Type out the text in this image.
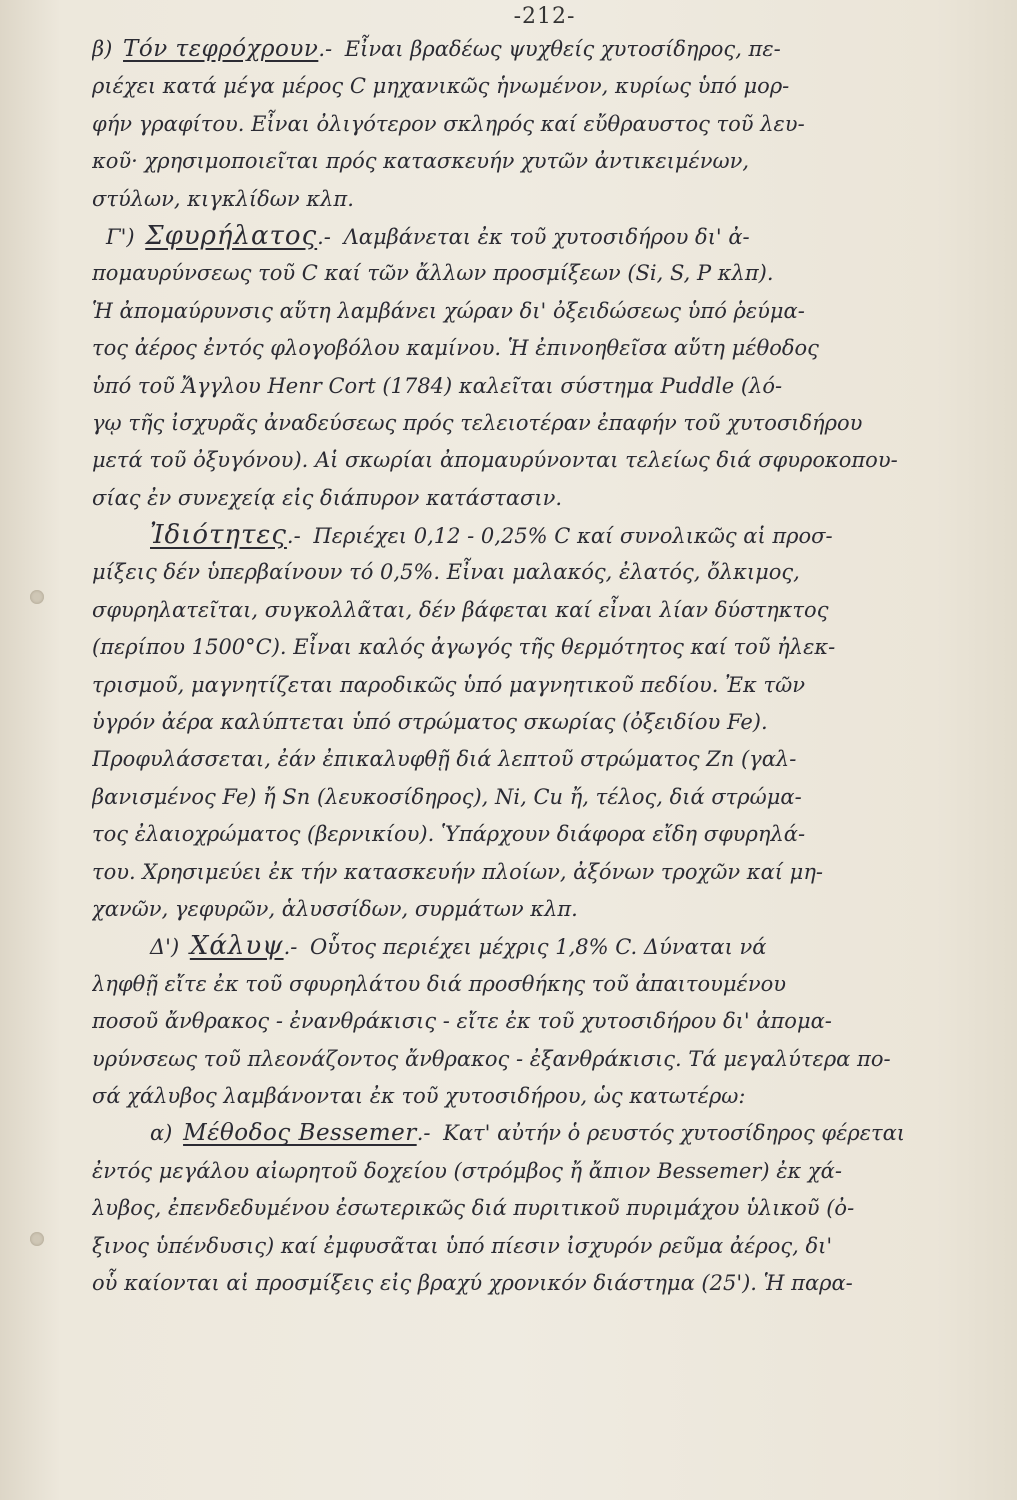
-212-
β) Τόν τεφρόχρουν.- Εἶναι βραδέως ψυχθείς χυτοσίδηρος, πε-
ριέχει κατά μέγα μέρος C μηχανικῶς ἡνωμένον, κυρίως ὑπό μορ-
φήν γραφίτου. Εἶναι ὀλιγότερον σκληρός καί εὔθραυστος τοῦ λευ-
κοῦ· χρησιμοποιεῖται πρός κατασκευήν χυτῶν ἀντικειμένων,
στύλων, κιγκλίδων κλπ.
Γ') Σφυρήλατος.- Λαμβάνεται ἐκ τοῦ χυτοσιδήρου δι' ἀ-
πομαυρύνσεως τοῦ C καί τῶν ἄλλων προσμίξεων (Si, S, P κλπ).
Ἡ ἀπομαύρυνσις αὕτη λαμβάνει χώραν δι' ὀξειδώσεως ὑπό ῥεύμα-
τος ἀέρος ἐντός φλογοβόλου καμίνου. Ἡ ἐπινοηθεῖσα αὕτη μέθοδος
ὑπό τοῦ Ἄγγλου Henr Cort (1784) καλεῖται σύστημα Puddle (λό-
γῳ τῆς ἰσχυρᾶς ἀναδεύσεως πρός τελειοτέραν ἐπαφήν τοῦ χυτοσιδήρου
μετά τοῦ ὀξυγόνου). Αἱ σκωρίαι ἀπομαυρύνονται τελείως διά σφυροκοπου-
σίας ἐν συνεχείᾳ εἰς διάπυρον κατάστασιν.
Ἰδιότητες.- Περιέχει 0,12 - 0,25% C καί συνολικῶς αἱ προσ-
μίξεις δέν ὑπερβαίνουν τό 0,5%. Εἶναι μαλακός, ἐλατός, ὄλκιμος,
σφυρηλατεῖται, συγκολλᾶται, δέν βάφεται καί εἶναι λίαν δύστηκτος
(περίπου 1500°C). Εἶναι καλός ἀγωγός τῆς θερμότητος καί τοῦ ἠλεκ-
τρισμοῦ, μαγνητίζεται παροδικῶς ὑπό μαγνητικοῦ πεδίου. Ἐκ τῶν
ὑγρόν ἀέρα καλύπτεται ὑπό στρώματος σκωρίας (ὀξειδίου Fe).
Προφυλάσσεται, ἐάν ἐπικαλυφθῇ διά λεπτοῦ στρώματος Zn (γαλ-
βανισμένος Fe) ἤ Sn (λευκοσίδηρος), Ni, Cu ἤ, τέλος, διά στρώμα-
τος ἐλαιοχρώματος (βερνικίου). Ὑπάρχουν διάφορα εἴδη σφυρηλά-
του. Χρησιμεύει ἐκ τήν κατασκευήν πλοίων, ἀξόνων τροχῶν καί μη-
χανῶν, γεφυρῶν, ἁλυσσίδων, συρμάτων κλπ.
Δ') Χάλυψ.- Οὗτος περιέχει μέχρις 1,8% C. Δύναται νά
ληφθῇ εἴτε ἐκ τοῦ σφυρηλάτου διά προσθήκης τοῦ ἀπαιτουμένου
ποσοῦ ἄνθρακος - ἐνανθράκισις - εἴτε ἐκ τοῦ χυτοσιδήρου δι' ἀπομα-
υρύνσεως τοῦ πλεονάζοντος ἄνθρακος - ἐξανθράκισις. Τά μεγαλύτερα πο-
σά χάλυβος λαμβάνονται ἐκ τοῦ χυτοσιδήρου, ὡς κατωτέρω:
α) Μέθοδος Bessemer.- Κατ' αὐτήν ὁ ρευστός χυτοσίδηρος φέρεται
ἐντός μεγάλου αἰωρητοῦ δοχείου (στρόμβος ἤ ἄπιον Bessemer) ἐκ χά-
λυβος, ἐπενδεδυμένου ἐσωτερικῶς διά πυριτικοῦ πυριμάχου ὑλικοῦ (ὀ-
ξινος ὑπένδυσις) καί ἐμφυσᾶται ὑπό πίεσιν ἰσχυρόν ρεῦμα ἀέρος, δι'
οὗ καίονται αἱ προσμίξεις εἰς βραχύ χρονικόν διάστημα (25'). Ἡ παρα-
